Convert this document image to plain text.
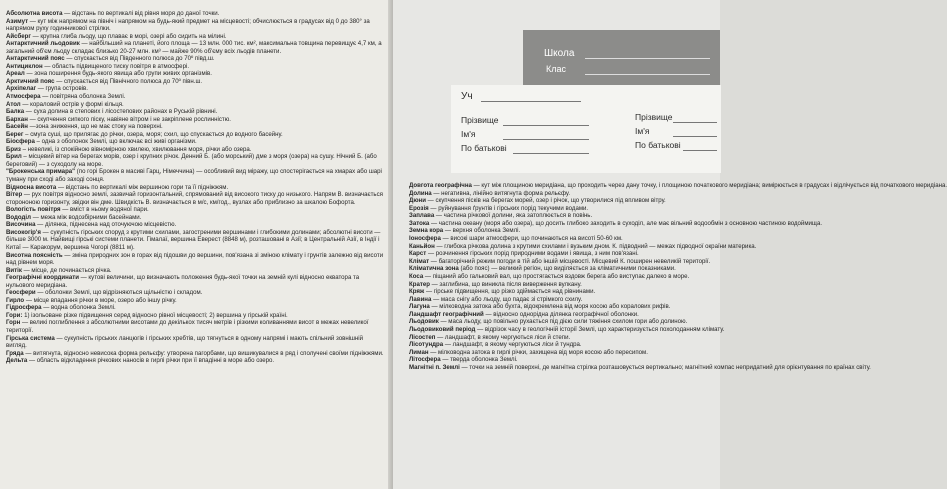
Абсолютна висота — відстань по вертикалі від рівня моря до даної точки.

Азимут — кут між напрямом на північ і напрямом на будь-який предмет на місцевості; обчислюється в градусах від 0 до 380° за напрямом руху годинникової стрілки.

Айсберг — крупна глиба льоду, що плаває в морі, озері або сидить на мілині.

Антарктичний льодовик — найбільший на планеті, його площа — 13 млн. 000 тис. км², максимальна товщина перевищує 4,7 км, а загальний об'єм льоду складає близько 20-27 млн. км³ — майже 90% об'єму всіх льодів планети.

Антарктичний пояс — спускається від Південного полюса до 70º півд.ш.

Антициклон — область підвищеного тиску повітря в атмосфері.

Ареал — зона поширення будь-якого явища або групи живих організмів.

Арктичний пояс — спускається від Північного полюса до 70º півн.ш.

Архіпелаг — група островів.

Атмосфера — повітряна оболонка Землі.

Атол — кораловий острів у формі кільця.

Балка — суха долина в степових і лісостепових районах в Руській рівнині.

Бархан — скупчення сипкого піску, навіяне вітром і не закріплене рослинністю.

Басейн —зона зниження, що не має стоку на поверхні.

Берег – смуга суші, що прилягає до річки, озера, моря; схил, що спускається до водного басейну.

Біосфера – одна з оболонок Землі, що включає всі живі організми.

Бриз – невеликі, із спокійною вівномірною хвилею, хвилювання моря, річки або озера.

Брил – місцевий вітер на берегах морів, озер і крупних річок. Денний Б. (або морський) дме з моря (озера) на сушу. Нічний Б. (або береговий) — з суходолу на море.

"Брокенська примара" (по горі Брокен в масиві Гарц, Німеччина) — особливий вид міражу, що спостерігається на хмарах або шарі туману при сході або заході сонця.

Відносна висота — відстань по вертикалі між вершиною гори та її підніжжям.

Вітер — рух повітря відносно землі, зазвичай горизонтальний, спрямований від високого тиску до низького. Напрям В. визначається сторононою горизонту, звідки він дме. Швидкість В. визначається в м/с, км/год., вузлах або приблизно за шкалою Бофорта.

Вологість повітря — вміст в ньому водяної пари.

Вододіл — межа між водозбірними басейнами.

Височина — ділянка, піднесена над оточуючою місцевістю.

Високогір'я — сукупність гірських споруд з крутими схилами, загостреними вершинами і глибокими долинами; абсолютні висоти — більше 3000 м. Найвищі гірські системи планети. Гімалаї, вершина Еверест (8848 м), розташовані в Азії; в Центральній Азії, в Індії і Китаї — Каракорум, вершина Чогорі (8811 м).

Висотна поясність — зміна природних зон в горах від підошви до вершини, пов'язана зі зміною клімату і грунтів залежно від висоти над рівнем моря.

Витік — місце, де починається річка.

Географічні координати — кутові величини, що визначають положення будь-якої точки на земній кулі відносно екватора та нульового меридіана.

Геосфери — оболонки Землі, що відрізняються щільністю і складом.

Гирло — місце впадання річки в море, озеро або іншу річку.

Гідросфера — водна оболонка Землі.

Гори: 1) ізольоване різке підвищення серед відносно рівної місцевості; 2) вершина у гірській країні.

Горн — великі поглиблення з абсолютними висотами до декількох тисяч метрів і різкими коливаннями висот в межах невеликої території.

Гірська система — сукупність гірських ланцюгів і гірських хребтів, що тягнуться в одному напрямі і мають спільний зовнішній вигляд.

Гряда — витягнута, відносно невисока форма рельєфу: утворена пагорбами, що вишикувалися в ряд і сполучені своїми підніжжями.

Дельта — область відкладення річкових наносів в гирлі річки при її впадінні в море або озеро.

Школа
Клас
Уч
Прізвище
Ім'я
По батькові
Прізвище
Ім'я
По батькові

Довгота географічна — кут між площиною меридіана, що проходить через дану точку, і площиною початкового меридіана; вимірюється в градусах і відлічується від початкового меридіана.

Долина — негативна, лінійно витягнута форма рельєфу.

Дюни — скупчення пісків на берегах морей, озер і річок, що утворилися під впливом вітру.

Ерозія — руйнування ґрунтів і гірських порід текучими водами.

Заплава — частина річкової долини, яка затоплюється в повінь.

Затока — частина океану (моря або озера), що досить глибоко заходить в суходіл, але має вільний водообмін з основною частиною водоймища.

Земна кора — верхня оболонка Землі.

Іоносфера — високі шари атмосфери, що починаються на висоті 50-60 км.

Каньйон — глибока річкова долина з крутими схилами і вузьким дном. К. підводний — межах підводної окраїни материка.

Карст — розчинення гірських порід природними водами і явища, з ним пов'язані.

Клімат — багаторічний режим погоди в тій або іншій місцевості. Місцевий К. поширен невеликій території.

Кліматична зона (або пояс) — великий регіон, що виділяється за кліматичними показниками.

Коса — піщаний або гальковий вал, що простягається вздовж берега або виступає далеко в море.

Кратер — заглибина, що виникла після виверження вулкану.

Кряж — гірське підвищення, що різко здіймається над рівнинами.

Лавина — маса снігу або льоду, що падає зі стрімкого схилу.

Лагуна — мілководна затока або бухта, відокремлена від моря косою або коралових рифів.

Ландшафт географічний — відносно однорідна ділянка географічної оболонки.

Льодовик — маса льоду, що повільно рухається під дією сили тяжіння схилом гори або долиною.

Льодовиковий період — відрізок часу в геологічній історії Землі, що характеризується похолоданням клімату.

Лісостеп — ландшафт, в якому чергуються ліси й степи.

Лісотундра — ландшафт, в якому чергуються ліси й тундра.

Лиман — мілководна затока в гирлі річки, захищена від моря косою або пересипом.

Літосфера — тверда оболонка Землі.

Магнітні п. Землі — точки на земній поверхні, де магнітна стрілка розташовується вертикально; магнітний компас непридатний для орієнтування по країнах світу.
